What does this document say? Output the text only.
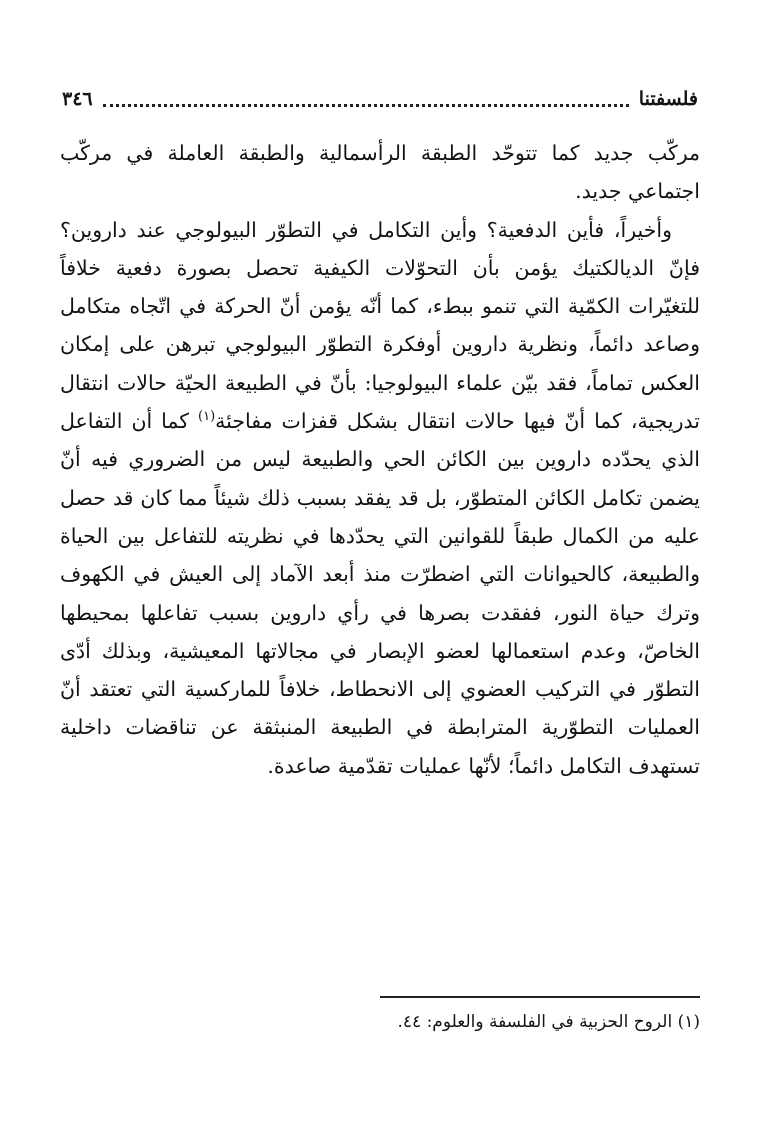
فلسفتنا
٣٤٦

مركّب جديد كما تتوحّد الطبقة الرأسمالية والطبقة العاملة في مركّب اجتماعي جديد.

وأخيراً، فأين الدفعية؟ وأين التكامل في التطوّر البيولوجي عند داروين؟ فإنّ الديالكتيك يؤمن بأن التحوّلات الكيفية تحصل بصورة دفعية خلافاً للتغيّرات الكمّية التي تنمو ببطء، كما أنّه يؤمن أنّ الحركة في اتّجاه متكامل وصاعد دائماً، ونظرية داروين أوفكرة التطوّر البيولوجي تبرهن على إمكان العكس تماماً، فقد بيّن علماء البيولوجيا: بأنّ في الطبيعة الحيّة حالات انتقال تدريجية، كما أنّ فيها حالات انتقال بشكل قفزات مفاجئة$^{(١)}$ كما أن التفاعل الذي يحدّده داروين بين الكائن الحي والطبيعة ليس من الضروري فيه أنّ يضمن تكامل الكائن المتطوّر، بل قد يفقد بسبب ذلك شيئاً مما كان قد حصل عليه من الكمال طبقاً للقوانين التي يحدّدها في نظريته للتفاعل بين الحياة والطبيعة، كالحيوانات التي اضطرّت منذ أبعد الآماد إلى العيش في الكهوف وترك حياة النور، ففقدت بصرها في رأي داروين بسبب تفاعلها بمحيطها الخاصّ، وعدم استعمالها لعضو الإبصار في مجالاتها المعيشية، وبذلك أدّى التطوّر في التركيب العضوي إلى الانحطاط، خلافاً للماركسية التي تعتقد أنّ العمليات التطوّرية المترابطة في الطبيعة المنبثقة عن تناقضات داخلية تستهدف التكامل دائماً؛ لأنّها عمليات تقدّمية صاعدة.

(١) الروح الحزبية في الفلسفة والعلوم: ٤٤.
